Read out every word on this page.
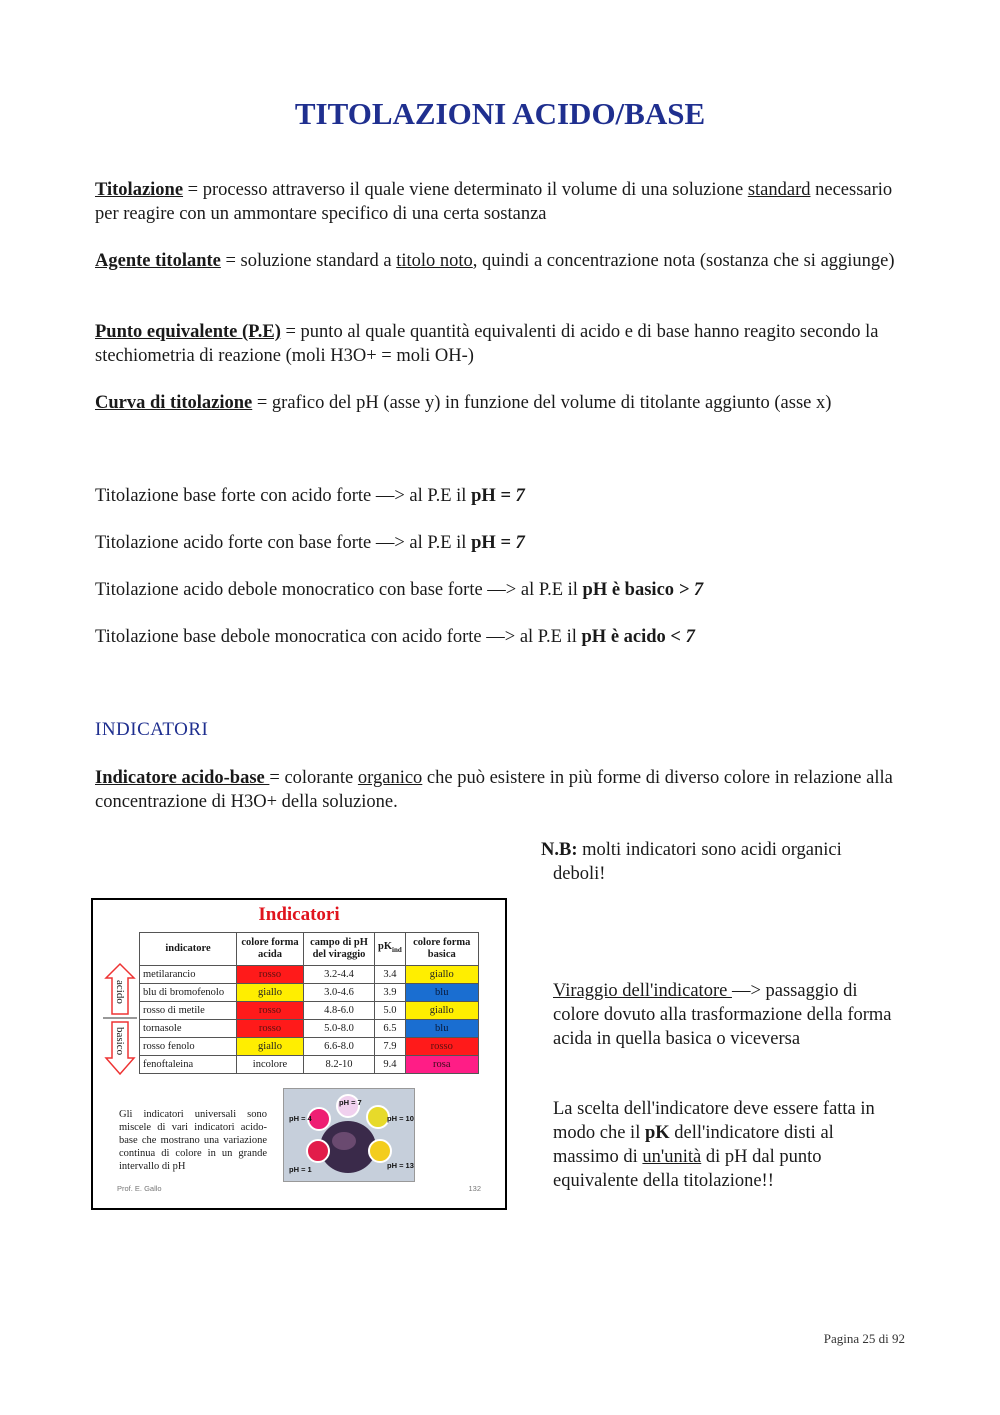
TITOLAZIONI ACIDO/BASE

Titolazione = processo attraverso il quale viene determinato il volume di una soluzione standard necessario per reagire con un ammontare specifico di una certa sostanza

Agente titolante = soluzione standard a titolo noto, quindi a concentrazione nota (sostanza che si aggiunge)

Punto equivalente (P.E) = punto al quale quantità equivalenti di acido e di base hanno reagito secondo la stechiometria di reazione (moli H3O+ = moli OH-)

Curva di titolazione = grafico del pH (asse y) in funzione del volume di titolante aggiunto (asse x)

Titolazione base forte con acido forte —> al P.E il pH = 7

Titolazione acido forte con base forte —> al P.E il pH = 7

Titolazione acido debole monocratico con base forte —> al P.E il pH è basico > 7

Titolazione base debole monocratica con acido forte —> al P.E il pH è acido < 7

INDICATORI

Indicatore acido-base = colorante organico che può esistere in più forme di diverso colore in relazione alla concentrazione di H3O+ della soluzione.

N.B: molti indicatori sono acidi organici
deboli!

Viraggio dell'indicatore —> passaggio di colore dovuto alla trasformazione della forma acida in quella basica o viceversa

La scelta dell'indicatore deve essere fatta in modo che il pK dell'indicatore disti al massimo di un'unità di pH dal punto equivalente della titolazione!!

Indicatori
acido
basico
indicatore	colore forma acida	campo di pH del viraggio	$pK_{ind}$	colore forma basica
metilarancio	rosso	3.2-4.4	3.4	giallo
blu di bromofenolo	giallo	3.0-4.6	3.9	blu
rosso di metile	rosso	4.8-6.0	5.0	giallo
tornasole	rosso	5.0-8.0	6.5	blu
rosso fenolo	giallo	6.6-8.0	7.9	rosso
fenoftaleina	incolore	8.2-10	9.4	rosa
Gli indicatori universali sono miscele di vari indicatori acido-base che mostrano una variazione continua di colore in un grande intervallo di pH
pH = 7
pH = 4	pH = 10
pH = 1	pH = 13
Prof. E. Gallo	132
Pagina 25 di 92
